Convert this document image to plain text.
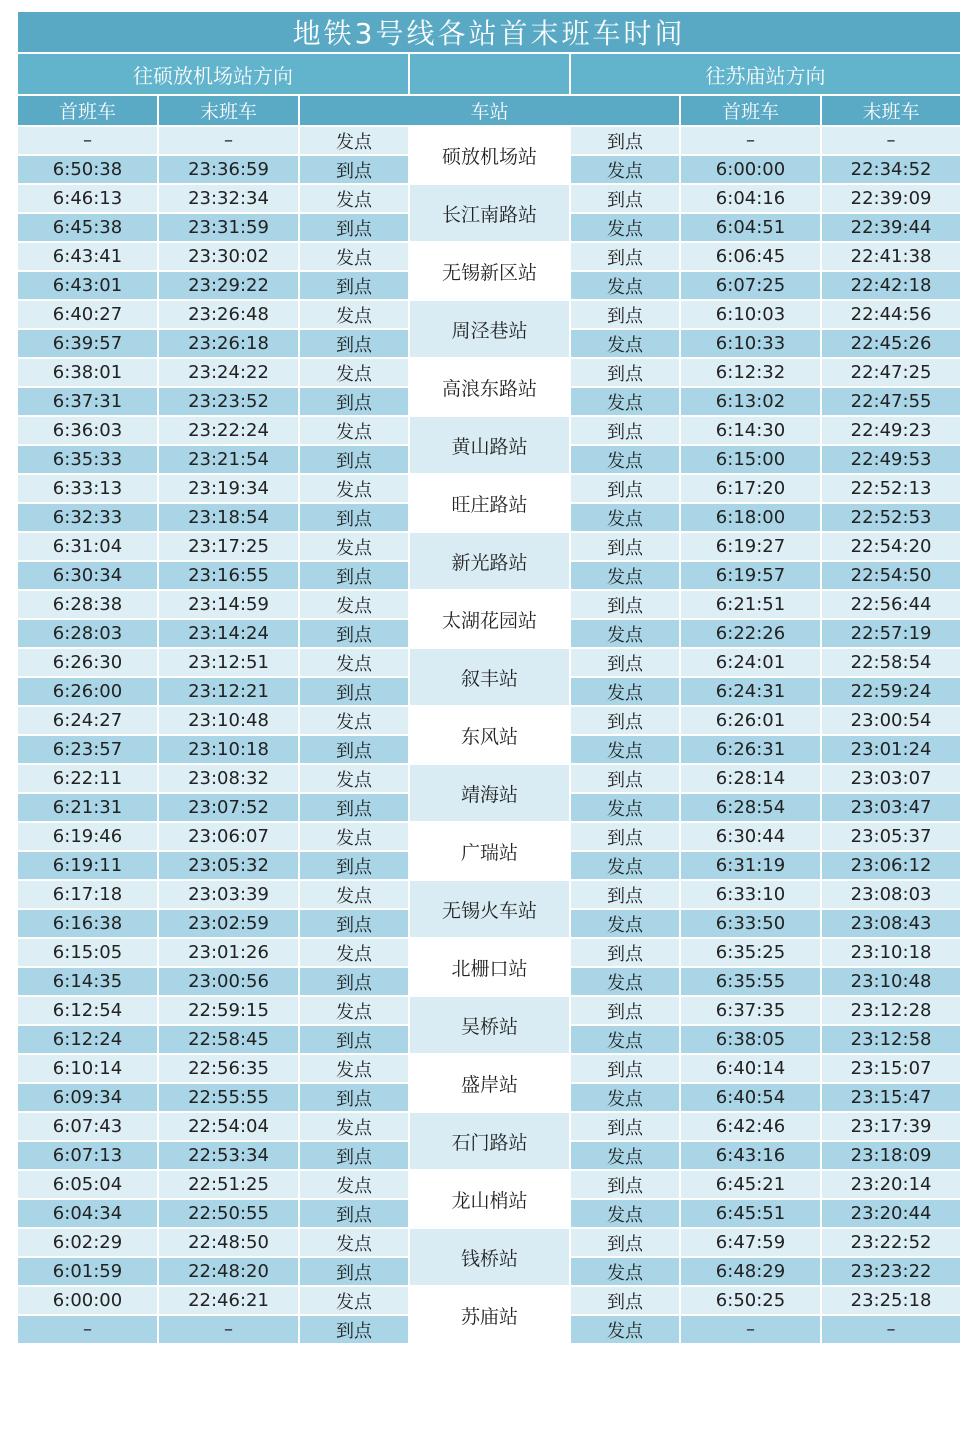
地铁3号线各站首末班车时间						
往硕放机场站方向				往苏庙站方向		
首班车	末班车	车站			首班车	末班车
–	–	发点	硕放机场站	到点	–	–
6:50:38	23:36:59	到点		发点	6:00:00	22:34:52
6:46:13	23:32:34	发点	长江南路站	到点	6:04:16	22:39:09
6:45:38	23:31:59	到点		发点	6:04:51	22:39:44
6:43:41	23:30:02	发点	无锡新区站	到点	6:06:45	22:41:38
6:43:01	23:29:22	到点		发点	6:07:25	22:42:18
6:40:27	23:26:48	发点	周泾巷站	到点	6:10:03	22:44:56
6:39:57	23:26:18	到点		发点	6:10:33	22:45:26
6:38:01	23:24:22	发点	高浪东路站	到点	6:12:32	22:47:25
6:37:31	23:23:52	到点		发点	6:13:02	22:47:55
6:36:03	23:22:24	发点	黄山路站	到点	6:14:30	22:49:23
6:35:33	23:21:54	到点		发点	6:15:00	22:49:53
6:33:13	23:19:34	发点	旺庄路站	到点	6:17:20	22:52:13
6:32:33	23:18:54	到点		发点	6:18:00	22:52:53
6:31:04	23:17:25	发点	新光路站	到点	6:19:27	22:54:20
6:30:34	23:16:55	到点		发点	6:19:57	22:54:50
6:28:38	23:14:59	发点	太湖花园站	到点	6:21:51	22:56:44
6:28:03	23:14:24	到点		发点	6:22:26	22:57:19
6:26:30	23:12:51	发点	叙丰站	到点	6:24:01	22:58:54
6:26:00	23:12:21	到点		发点	6:24:31	22:59:24
6:24:27	23:10:48	发点	东风站	到点	6:26:01	23:00:54
6:23:57	23:10:18	到点		发点	6:26:31	23:01:24
6:22:11	23:08:32	发点	靖海站	到点	6:28:14	23:03:07
6:21:31	23:07:52	到点		发点	6:28:54	23:03:47
6:19:46	23:06:07	发点	广瑞站	到点	6:30:44	23:05:37
6:19:11	23:05:32	到点		发点	6:31:19	23:06:12
6:17:18	23:03:39	发点	无锡火车站	到点	6:33:10	23:08:03
6:16:38	23:02:59	到点		发点	6:33:50	23:08:43
6:15:05	23:01:26	发点	北栅口站	到点	6:35:25	23:10:18
6:14:35	23:00:56	到点		发点	6:35:55	23:10:48
6:12:54	22:59:15	发点	吴桥站	到点	6:37:35	23:12:28
6:12:24	22:58:45	到点		发点	6:38:05	23:12:58
6:10:14	22:56:35	发点	盛岸站	到点	6:40:14	23:15:07
6:09:34	22:55:55	到点		发点	6:40:54	23:15:47
6:07:43	22:54:04	发点	石门路站	到点	6:42:46	23:17:39
6:07:13	22:53:34	到点		发点	6:43:16	23:18:09
6:05:04	22:51:25	发点	龙山梢站	到点	6:45:21	23:20:14
6:04:34	22:50:55	到点		发点	6:45:51	23:20:44
6:02:29	22:48:50	发点	钱桥站	到点	6:47:59	23:22:52
6:01:59	22:48:20	到点		发点	6:48:29	23:23:22
6:00:00	22:46:21	发点	苏庙站	到点	6:50:25	23:25:18
–	–	到点		发点	–	–
